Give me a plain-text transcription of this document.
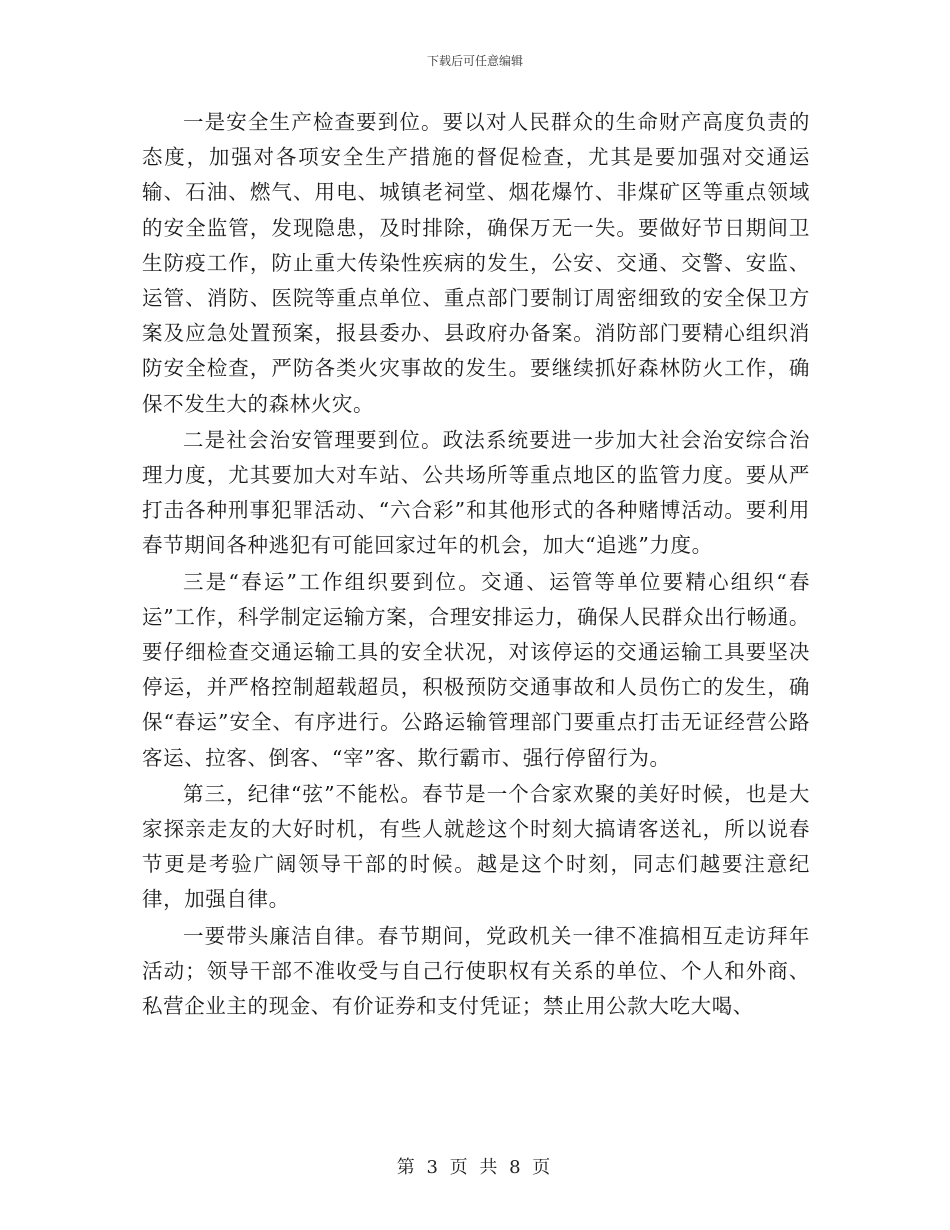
下载后可任意编辑

一是安全生产检查要到位。要以对人民群众的生命财产高度负责的态度，加强对各项安全生产措施的督促检查，尤其是要加强对交通运输、石油、燃气、用电、城镇老祠堂、烟花爆竹、非煤矿区等重点领域的安全监管，发现隐患，及时排除，确保万无一失。要做好节日期间卫生防疫工作，防止重大传染性疾病的发生，公安、交通、交警、安监、运管、消防、医院等重点单位、重点部门要制订周密细致的安全保卫方案及应急处置预案，报县委办、县政府办备案。消防部门要精心组织消防安全检查，严防各类火灾事故的发生。要继续抓好森林防火工作，确保不发生大的森林火灾。

二是社会治安管理要到位。政法系统要进一步加大社会治安综合治理力度，尤其要加大对车站、公共场所等重点地区的监管力度。要从严打击各种刑事犯罪活动、“六合彩”和其他形式的各种赌博活动。要利用春节期间各种逃犯有可能回家过年的机会，加大“追逃”力度。

三是“春运”工作组织要到位。交通、运管等单位要精心组织“春运”工作，科学制定运输方案，合理安排运力，确保人民群众出行畅通。要仔细检查交通运输工具的安全状况，对该停运的交通运输工具要坚决停运，并严格控制超载超员，积极预防交通事故和人员伤亡的发生，确保“春运”安全、有序进行。公路运输管理部门要重点打击无证经营公路客运、拉客、倒客、“宰”客、欺行霸市、强行停留行为。

第三，纪律“弦”不能松。春节是一个合家欢聚的美好时候，也是大家探亲走友的大好时机，有些人就趁这个时刻大搞请客送礼，所以说春节更是考验广阔领导干部的时候。越是这个时刻，同志们越要注意纪律，加强自律。

一要带头廉洁自律。春节期间，党政机关一律不准搞相互走访拜年活动；领导干部不准收受与自己行使职权有关系的单位、个人和外商、私营企业主的现金、有价证券和支付凭证；禁止用公款大吃大喝、

第 3 页 共 8 页
